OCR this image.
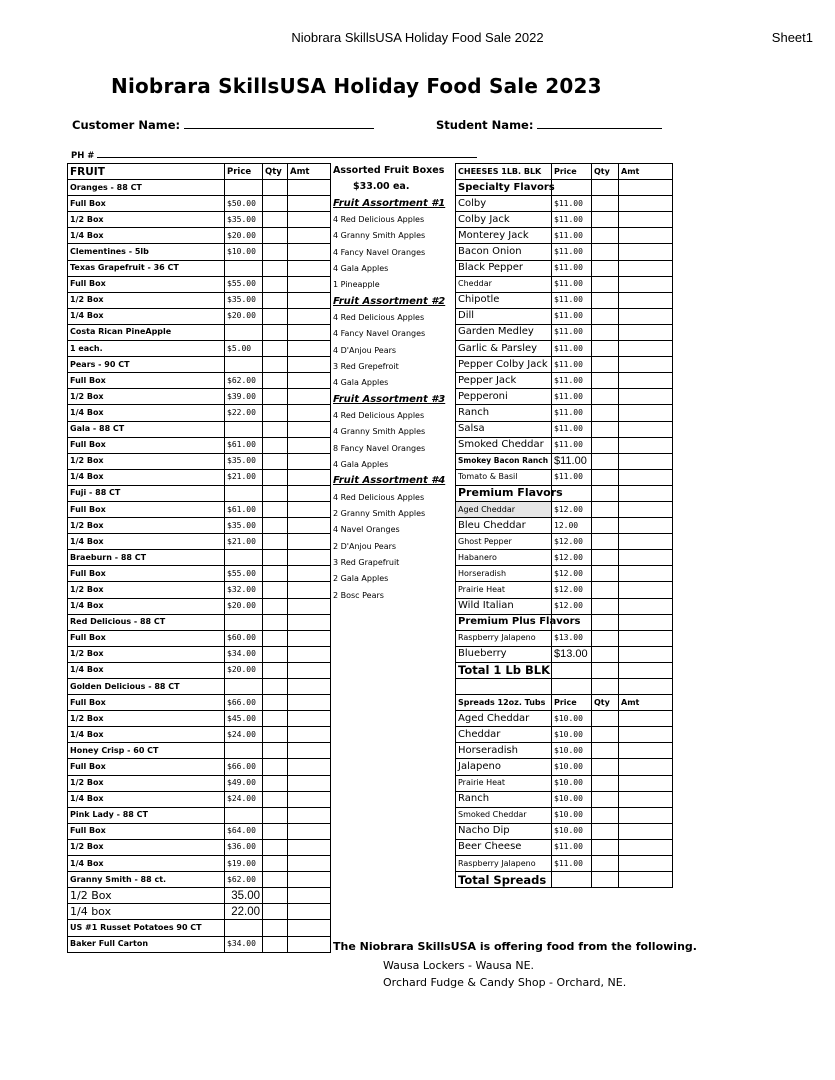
Niobrara SkillsUSA Holiday Food Sale 2022	Sheet1
Niobrara SkillsUSA Holiday Food Sale 2023
Customer Name:	Student Name:
PH #
FRUIT	Price	Qty	Amt
Oranges - 88 CT			
Full Box	$50.00		
1/2 Box	$35.00		
1/4 Box	$20.00		
Clementines - 5lb	$10.00		
Texas Grapefruit - 36 CT			
Full Box	$55.00		
1/2 Box	$35.00		
1/4 Box	$20.00		
Costa Rican PineApple			
1 each.	$5.00		
Pears - 90 CT			
Full Box	$62.00		
1/2 Box	$39.00		
1/4 Box	$22.00		
Gala - 88 CT			
Full Box	$61.00		
1/2 Box	$35.00		
1/4 Box	$21.00		
Fuji - 88 CT			
Full Box	$61.00		
1/2 Box	$35.00		
1/4 Box	$21.00		
Braeburn - 88 CT			
Full Box	$55.00		
1/2 Box	$32.00		
1/4 Box	$20.00		
Red Delicious - 88 CT			
Full Box	$60.00		
1/2 Box	$34.00		
1/4 Box	$20.00		
Golden Delicious - 88 CT			
Full Box	$66.00		
1/2 Box	$45.00		
1/4 Box	$24.00		
Honey Crisp - 60 CT			
Full Box	$66.00		
1/2 Box	$49.00		
1/4 Box	$24.00		
Pink Lady - 88 CT			
Full Box	$64.00		
1/2 Box	$36.00		
1/4 Box	$19.00		
Granny Smith - 88 ct.	$62.00		
1/2 Box	35.00		
1/4 box	22.00		
US #1 Russet Potatoes 90 CT			
Baker Full Carton	$34.00		
Assorted Fruit Boxes
$33.00 ea.
Fruit Assortment #1
4 Red Delicious Apples
4 Granny Smith Apples
4 Fancy Navel Oranges
4 Gala Apples
1 Pineapple
Fruit Assortment #2
4 Red Delicious Apples
4 Fancy Navel Oranges
4 D'Anjou Pears
3 Red Grepefroit
4 Gala Apples
Fruit Assortment #3
4 Red Delicious Apples
4 Granny Smith Apples
8 Fancy Navel Oranges
4 Gala Apples
Fruit Assortment #4
4 Red Delicious Apples
2 Granny Smith Apples
4 Navel Oranges
2 D'Anjou Pears
3 Red Grapefruit
2 Gala Apples
2 Bosc Pears
CHEESES 1LB. BLK	Price	Qty	Amt
Specialty Flavors			
Colby	$11.00		
Colby Jack	$11.00		
Monterey Jack	$11.00		
Bacon Onion	$11.00		
Black Pepper	$11.00		
Cheddar	$11.00		
Chipotle	$11.00		
Dill	$11.00		
Garden Medley	$11.00		
Garlic & Parsley	$11.00		
Pepper Colby Jack	$11.00		
Pepper Jack	$11.00		
Pepperoni	$11.00		
Ranch	$11.00		
Salsa	$11.00		
Smoked Cheddar	$11.00		
Smokey Bacon Ranch	$11.00		
Tomato & Basil	$11.00		
Premium Flavors			
Aged Cheddar	$12.00		
Bleu Cheddar	12.00		
Ghost Pepper	$12.00		
Habanero	$12.00		
Horseradish	$12.00		
Prairie Heat	$12.00		
Wild Italian	$12.00		
Premium Plus Flavors			
Raspberry Jalapeno	$13.00		
Blueberry	$13.00		
Total 1 Lb BLK			

Spreads 12oz. Tubs	Price	Qty	Amt
Aged Cheddar	$10.00		
Cheddar	$10.00		
Horseradish	$10.00		
Jalapeno	$10.00		
Prairie Heat	$10.00		
Ranch	$10.00		
Smoked Cheddar	$10.00		
Nacho Dip	$10.00		
Beer Cheese	$11.00		
Raspberry Jalapeno	$11.00		
Total Spreads			
The Niobrara SkillsUSA is offering food from the following.
Wausa Lockers - Wausa NE.
Orchard Fudge & Candy Shop - Orchard, NE.
